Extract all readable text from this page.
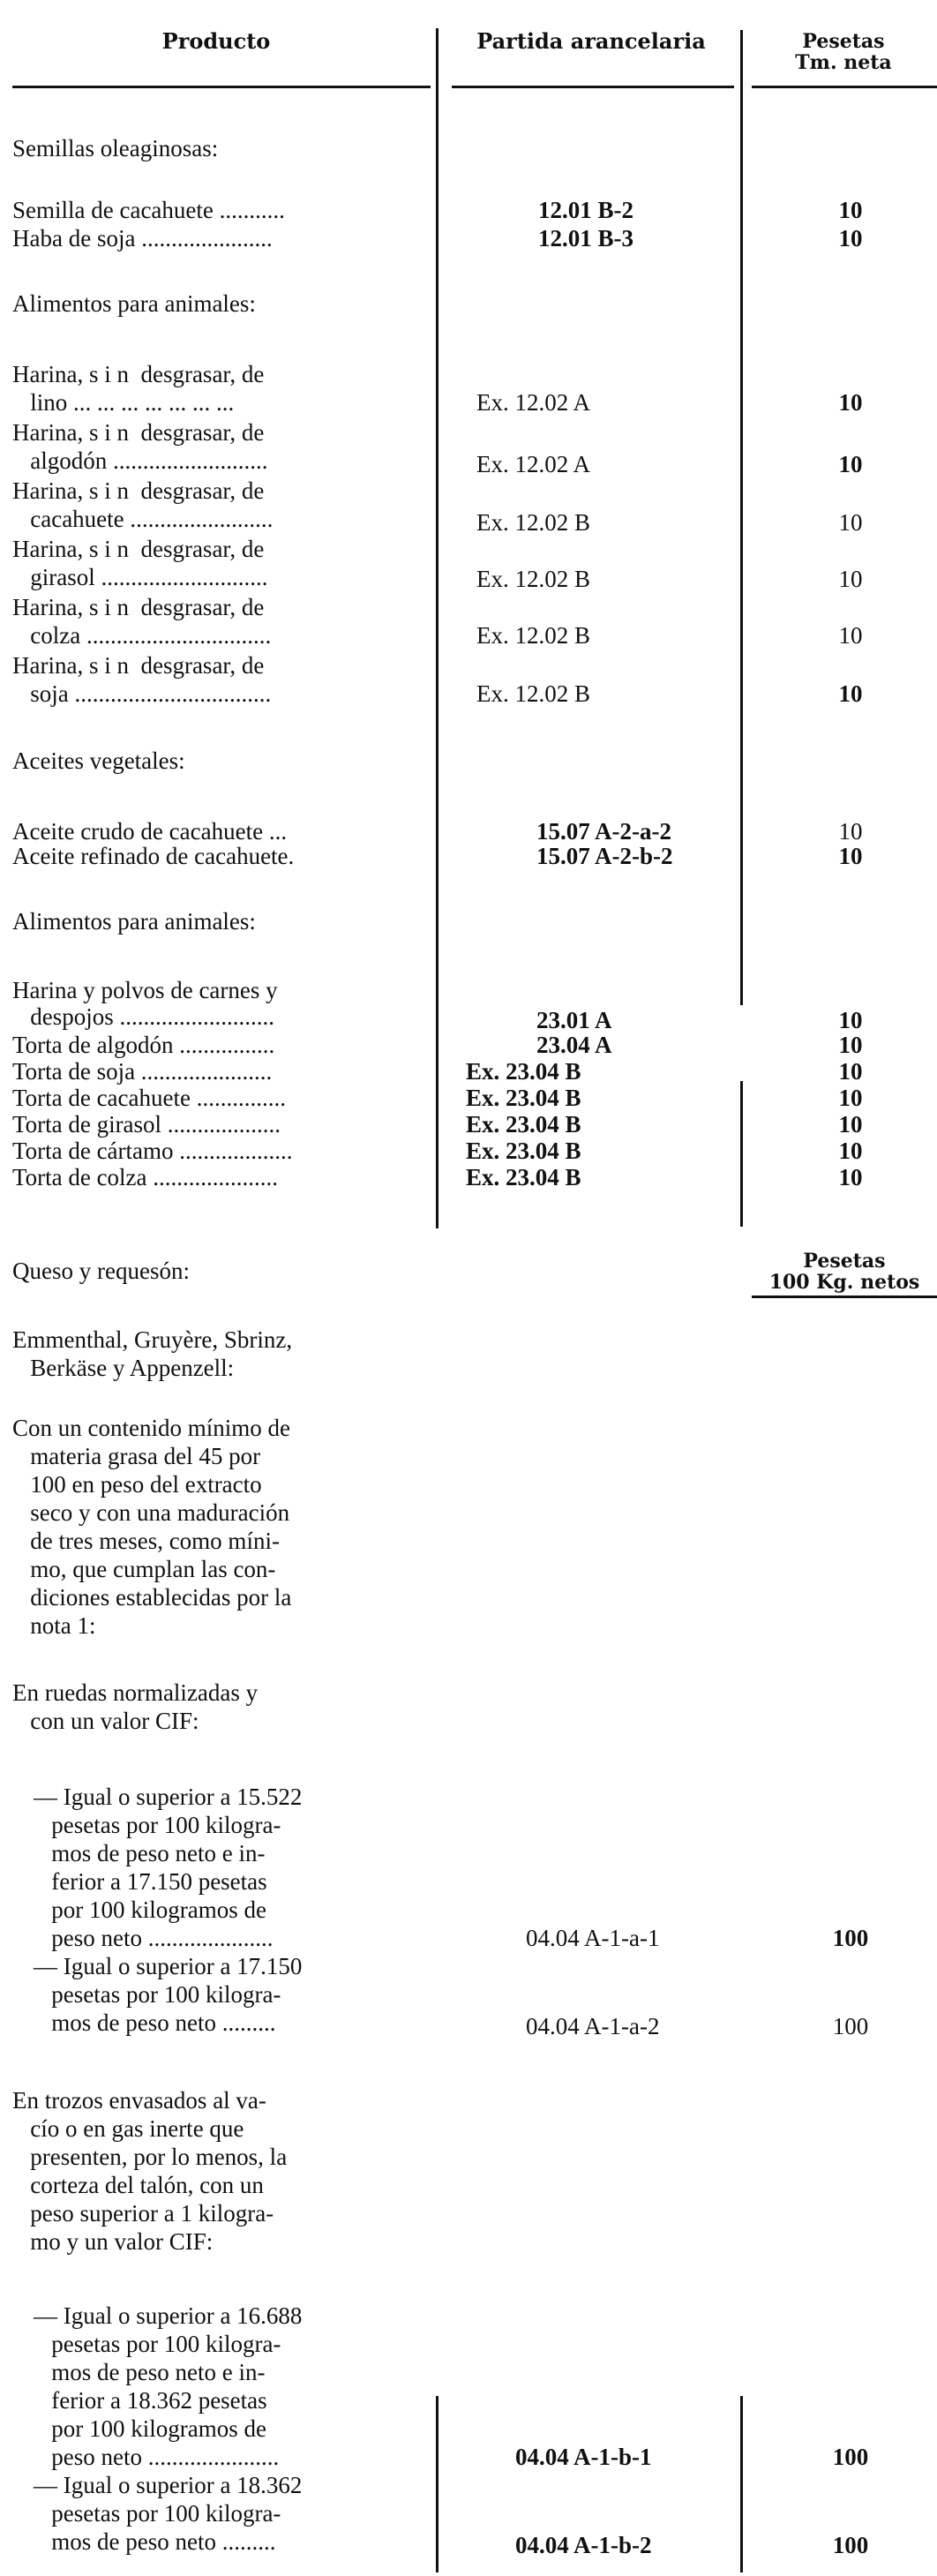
Producto	Partida arancelaria	Pesetas
Tm. neta
Semillas oleaginosas:
Semilla de cacahuete ...........	12.01 B-2	10
Haba de soja ......................	12.01 B-3	10
Alimentos para animales:
Harina, s i n  desgrasar, de
lino ... ... ... ... ... ... ...	Ex. 12.02 A	10
Harina, s i n  desgrasar, de
algodón ..........................	Ex. 12.02 A	10
Harina, s i n  desgrasar, de
cacahuete ........................	Ex. 12.02 B	10
Harina, s i n  desgrasar, de
girasol ............................	Ex. 12.02 B	10
Harina, s i n  desgrasar, de
colza ...............................	Ex. 12.02 B	10
Harina, s i n  desgrasar, de
soja .................................	Ex. 12.02 B	10
Aceites vegetales:
Aceite crudo de cacahuete ...	15.07 A-2-a-2	10
Aceite refinado de cacahuete.	15.07 A-2-b-2	10
Alimentos para animales:
Harina y polvos de carnes y
despojos ..........................	23.01 A	10
Torta de algodón ................	23.04 A	10
Torta de soja ......................	Ex. 23.04 B	10
Torta de cacahuete ...............	Ex. 23.04 B	10
Torta de girasol ...................	Ex. 23.04 B	10
Torta de cártamo ...................	Ex. 23.04 B	10
Torta de colza .....................	Ex. 23.04 B	10
Queso y requesón:	Pesetas
100 Kg. netos
Emmenthal, Gruyère, Sbrinz,
Berkäse y Appenzell:
Con un contenido mínimo de
materia grasa del 45 por
100 en peso del extracto
seco y con una maduración
de tres meses, como míni-
mo, que cumplan las con-
diciones establecidas por la
nota 1:
En ruedas normalizadas y
con un valor CIF:
— Igual o superior a 15.522
pesetas por 100 kilogra-
mos de peso neto e in-
ferior a 17.150 pesetas
por 100 kilogramos de
peso neto .....................	04.04 A-1-a-1	100
— Igual o superior a 17.150
pesetas por 100 kilogra-
mos de peso neto .........	04.04 A-1-a-2	100
En trozos envasados al va-
cío o en gas inerte que
presenten, por lo menos, la
corteza del talón, con un
peso superior a 1 kilogra-
mo y un valor CIF:
— Igual o superior a 16.688
pesetas por 100 kilogra-
mos de peso neto e in-
ferior a 18.362 pesetas
por 100 kilogramos de
peso neto ......................	04.04 A-1-b-1	100
— Igual o superior a 18.362
pesetas por 100 kilogra-
mos de peso neto .........	04.04 A-1-b-2	100
